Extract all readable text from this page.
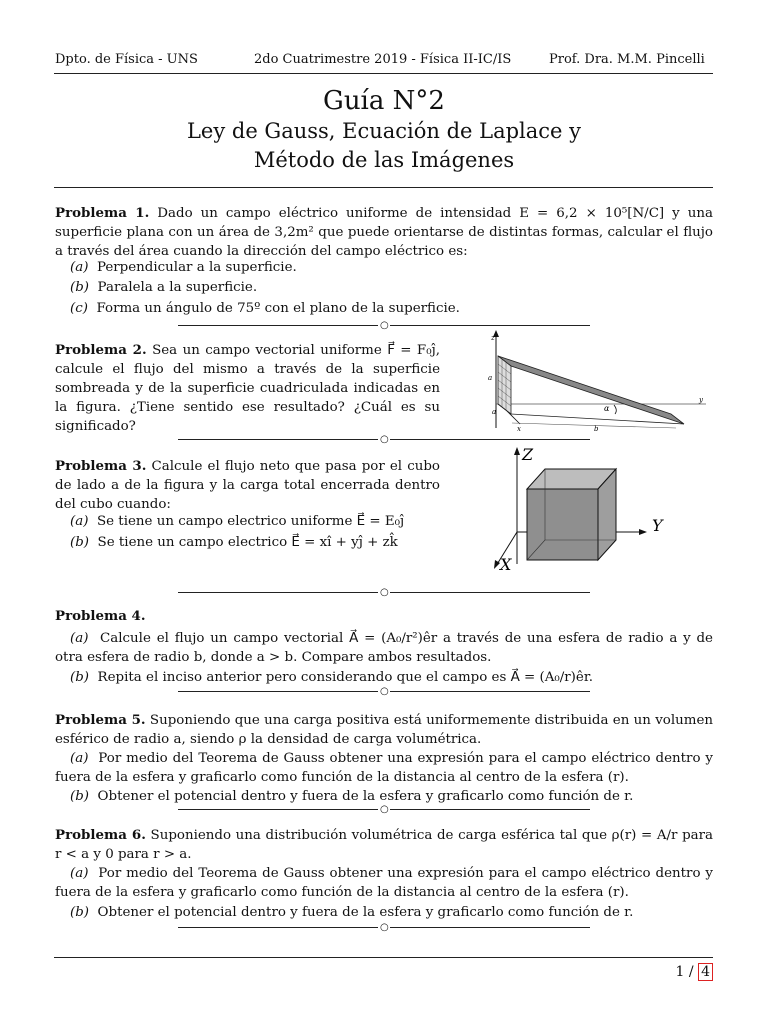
Dpto. de Física - UNS	2do Cuatrimestre 2019 - Física II-IC/IS	Prof. Dra. M.M. Pincelli
Guía N°2
Ley de Gauss, Ecuación de Laplace y
Método de las Imágenes
Problema 1. Dado un campo eléctrico uniforme de intensidad E = 6,2 × 10⁵[N/C] y una superficie plana con un área de 3,2m² que puede orientarse de distintas formas, calcular el flujo a través del área cuando la dirección del campo eléctrico es:
(a) Perpendicular a la superficie.
(b) Paralela a la superficie.
(c) Forma un ángulo de 75º con el plano de la superficie.
○
Problema 2. Sea un campo vectorial uniforme F⃗ = F₀ĵ, calcule el flujo del mismo a través de la superficie sombreada y de la superficie cuadriculada indicadas en la figura. ¿Tiene sentido ese resultado? ¿Cuál es su significado?
z
y
x
α
a
a
b
○
Problema 3. Calcule el flujo neto que pasa por el cubo de lado a de la figura y la carga total encerrada dentro del cubo cuando:
(a) Se tiene un campo electrico uniforme E⃗ = E₀ĵ
(b) Se tiene un campo electrico E⃗ = xî + yĵ + zk̂
Z
Y
X
○
Problema 4.
(a) Calcule el flujo un campo vectorial A⃗ = (A₀/r²)êr a través de una esfera de radio a y de otra esfera de radio b, donde a > b. Compare ambos resultados.
(b) Repita el inciso anterior pero considerando que el campo es A⃗ = (A₀/r)êr.
○
Problema 5. Suponiendo que una carga positiva está uniformemente distribuida en un volumen esférico de radio a, siendo ρ la densidad de carga volumétrica.
(a) Por medio del Teorema de Gauss obtener una expresión para el campo eléctrico dentro y fuera de la esfera y graficarlo como función de la distancia al centro de la esfera (r).
(b) Obtener el potencial dentro y fuera de la esfera y graficarlo como función de r.
○
Problema 6. Suponiendo una distribución volumétrica de carga esférica tal que ρ(r) = A/r para r < a y 0 para r > a.
(a) Por medio del Teorema de Gauss obtener una expresión para el campo eléctrico dentro y fuera de la esfera y graficarlo como función de la distancia al centro de la esfera (r).
(b) Obtener el potencial dentro y fuera de la esfera y graficarlo como función de r.
○
1 / 4
